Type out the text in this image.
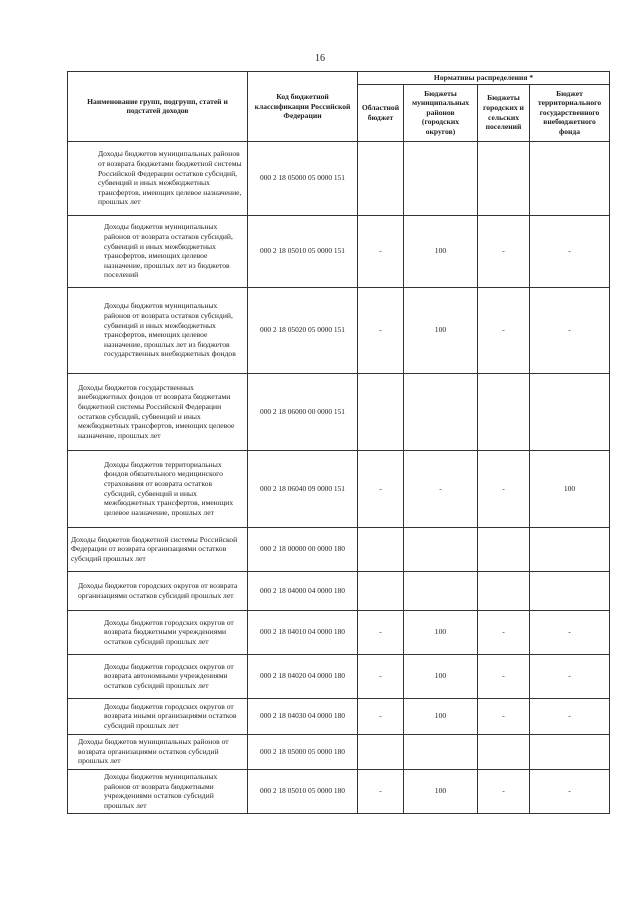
16
Наименование групп, подгрупп, статей и подстатей доходов	Код бюджетной классификации Российской Федерации	Нормативы распределения *			
		Областной бюджет	Бюджеты муниципальных районов (городских округов)	Бюджеты городских и сельских поселений	Бюджет территориального государственного внебюджетного фонда
Доходы бюджетов муниципальных районов от возврата бюджетами бюджетной системы Российской Федерации остатков субсидий, субвенций и иных межбюджетных трансфертов, имеющих целевое назначение, прошлых лет	000 2 18 05000 05 0000 151				
Доходы бюджетов муниципальных районов от возврата остатков субсидий, субвенций и иных межбюджетных трансфертов, имеющих целевое назначение, прошлых лет из бюджетов поселений	000 2 18 05010 05 0000 151	-	100	-	-
Доходы бюджетов муниципальных районов от возврата остатков субсидий, субвенций и иных межбюджетных трансфертов, имеющих целевое назначение, прошлых лет из бюджетов государственных внебюджетных фондов	000 2 18 05020 05 0000 151	-	100	-	-
Доходы бюджетов государственных внебюджетных фондов от возврата бюджетами бюджетной системы Российской Федерации остатков субсидий, субвенций и иных межбюджетных трансфертов, имеющих целевое назначение, прошлых лет	000 2 18 06000 00 0000 151				
Доходы бюджетов территориальных фондов обязательного медицинского страхования от возврата остатков субсидий, субвенций и иных межбюджетных трансфертов, имеющих целевое назначение, прошлых лет	000 2 18 06040 09 0000 151	-	-	-	100
Доходы бюджетов бюджетной системы Российской Федерации от возврата организациями остатков субсидий прошлых лет	000 2 18 00000 00 0000 180				
Доходы бюджетов городских округов от возврата организациями остатков субсидий прошлых лет	000 2 18 04000 04 0000 180				
Доходы бюджетов городских округов от возврата бюджетными учреждениями остатков субсидий прошлых лет	000 2 18 04010 04 0000 180	-	100	-	-
Доходы бюджетов городских округов от возврата автономными учреждениями остатков субсидий прошлых лет	000 2 18 04020 04 0000 180	-	100	-	-
Доходы бюджетов городских округов от возврата иными организациями остатков субсидий прошлых лет	000 2 18 04030 04 0000 180	-	100	-	-
Доходы бюджетов муниципальных районов от возврата организациями остатков субсидий прошлых лет	000 2 18 05000 05 0000 180				
Доходы бюджетов муниципальных районов от возврата бюджетными учреждениями остатков субсидий прошлых лет	000 2 18 05010 05 0000 180	-	100	-	-
